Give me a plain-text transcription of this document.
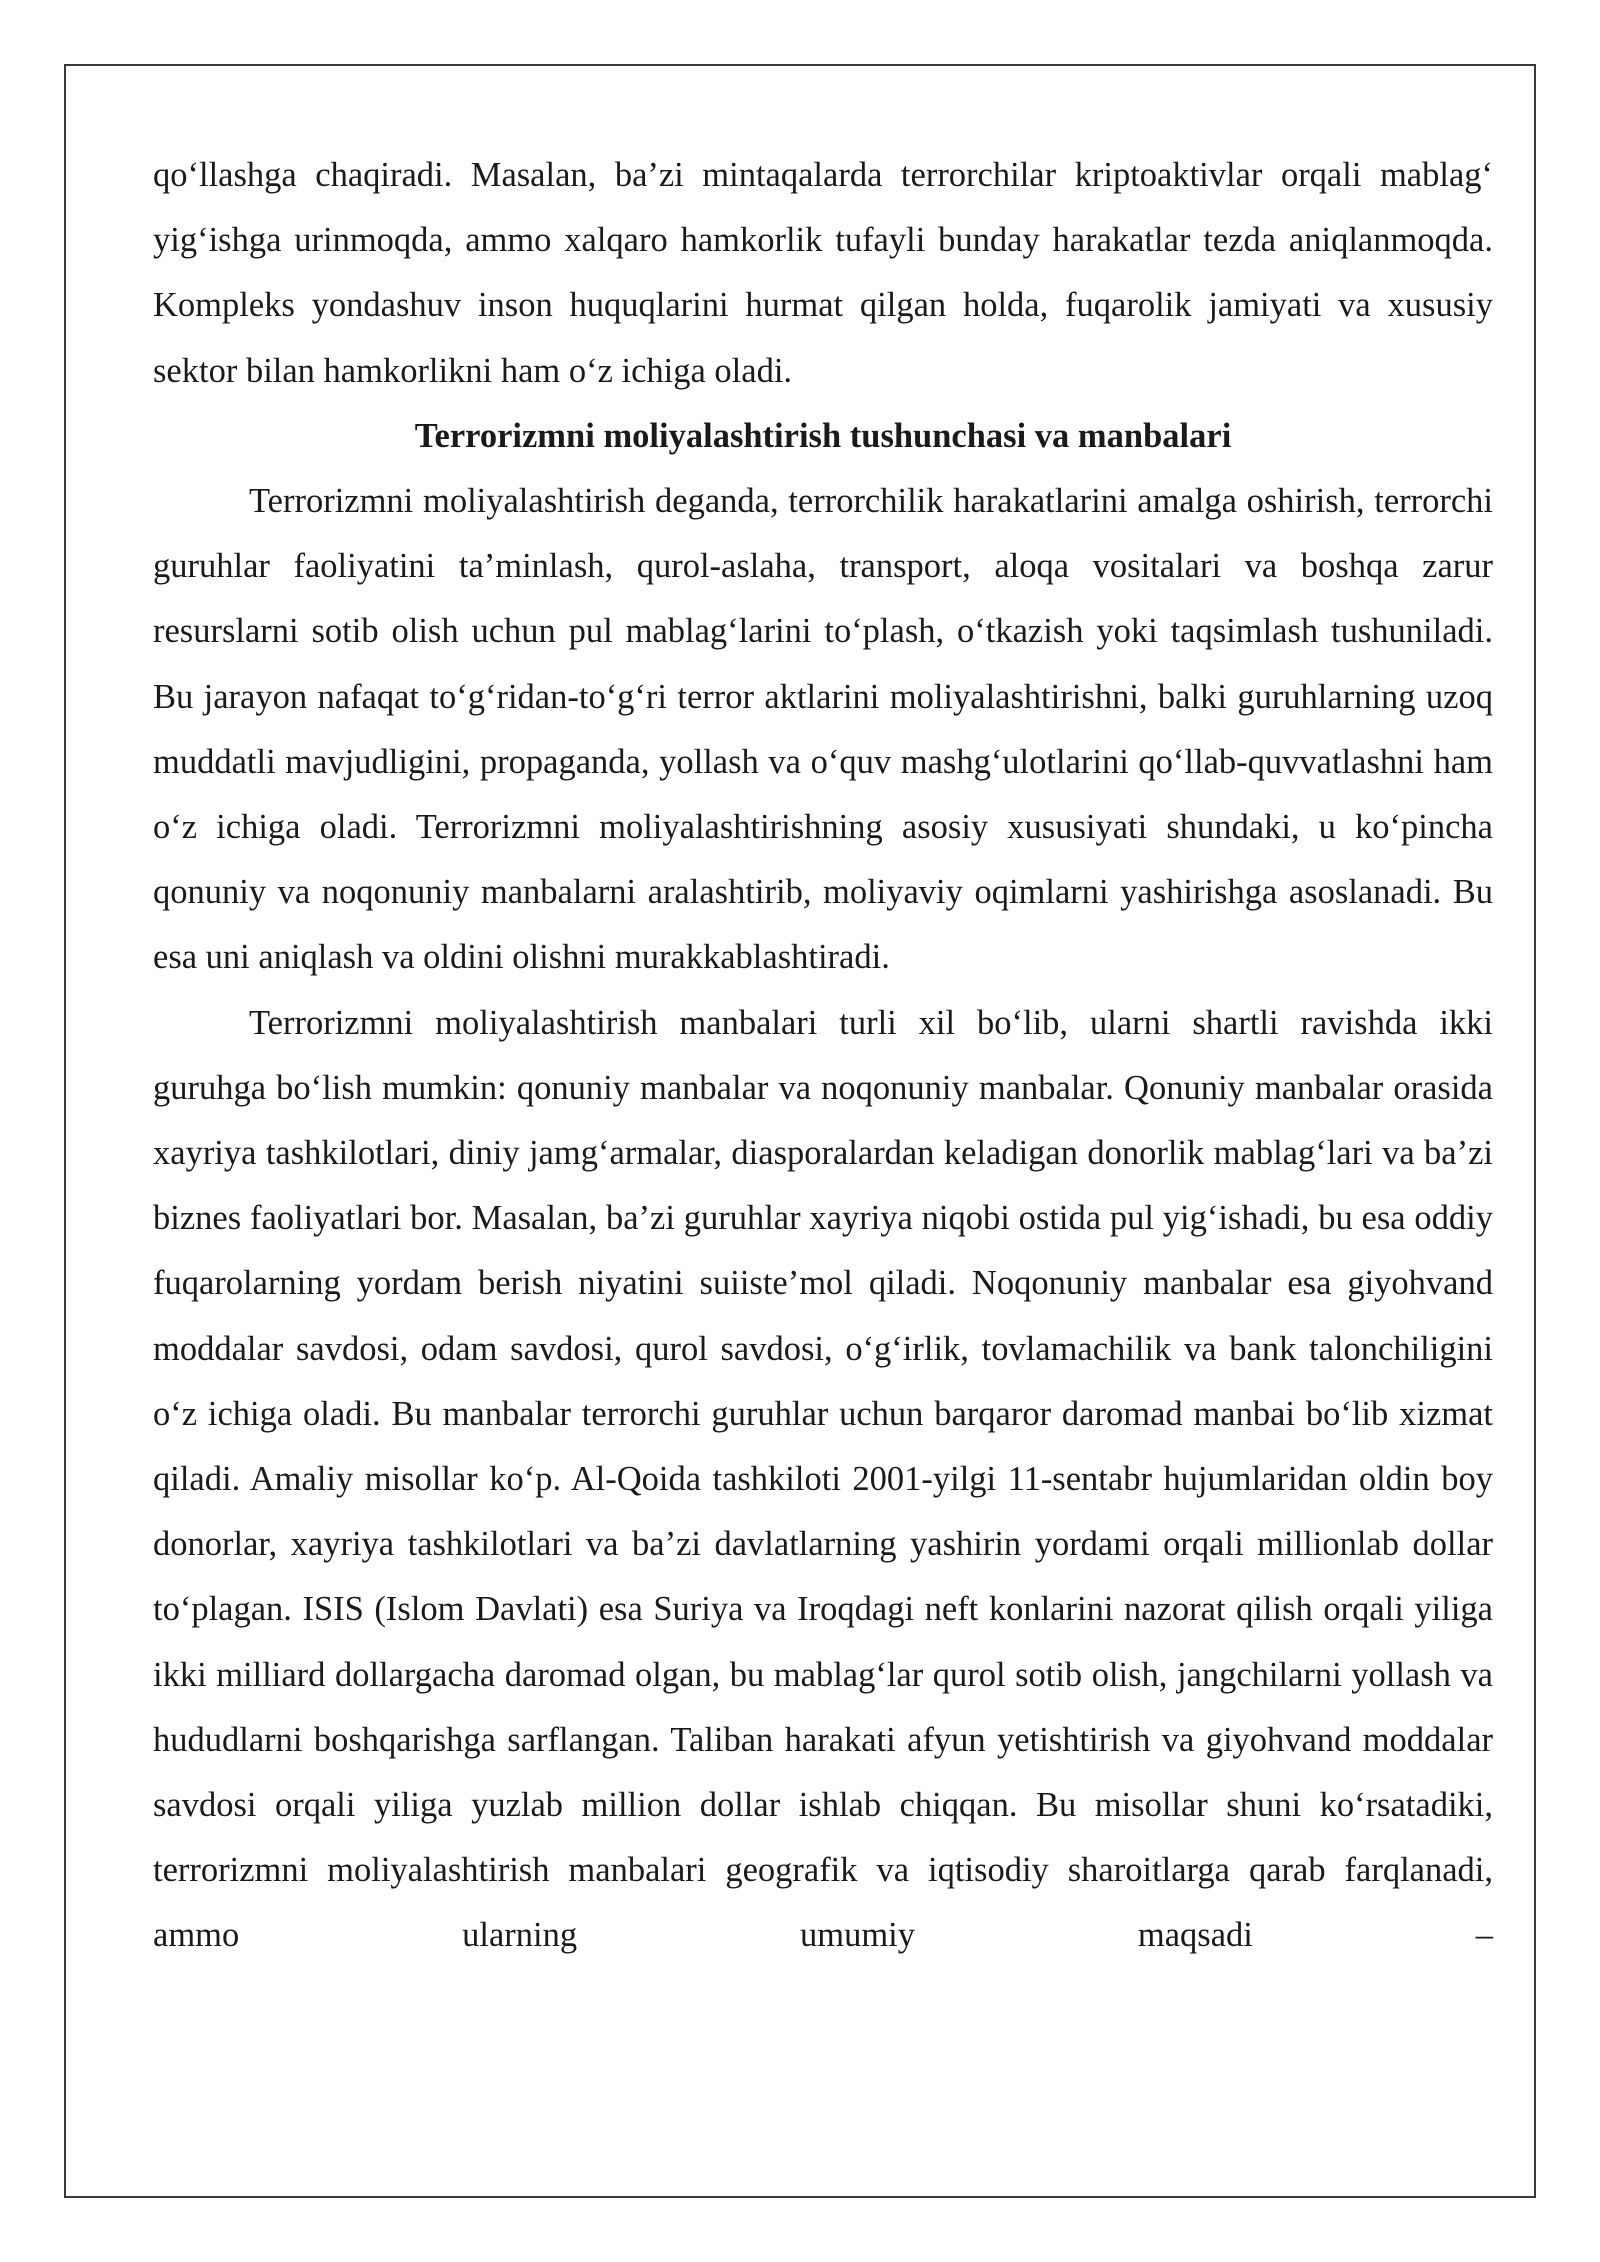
qo‘llashga chaqiradi. Masalan, ba’zi mintaqalarda terrorchilar kriptoaktivlar orqali mablag‘ yig‘ishga urinmoqda, ammo xalqaro hamkorlik tufayli bunday harakatlar tezda aniqlanmoqda. Kompleks yondashuv inson huquqlarini hurmat qilgan holda, fuqarolik jamiyati va xususiy sektor bilan hamkorlikni ham o‘z ichiga oladi.

Terrorizmni moliyalashtirish tushunchasi va manbalari

Terrorizmni moliyalashtirish deganda, terrorchilik harakatlarini amalga oshirish, terrorchi guruhlar faoliyatini ta’minlash, qurol-aslaha, transport, aloqa vositalari va boshqa zarur resurslarni sotib olish uchun pul mablag‘larini to‘plash, o‘tkazish yoki taqsimlash tushuniladi. Bu jarayon nafaqat to‘g‘ridan-to‘g‘ri terror aktlarini moliyalashtirishni, balki guruhlarning uzoq muddatli mavjudligini, propaganda, yollash va o‘quv mashg‘ulotlarini qo‘llab-quvvatlashni ham o‘z ichiga oladi. Terrorizmni moliyalashtirishning asosiy xususiyati shundaki, u ko‘pincha qonuniy va noqonuniy manbalarni aralashtirib, moliyaviy oqimlarni yashirishga asoslanadi. Bu esa uni aniqlash va oldini olishni murakkablashtiradi.

Terrorizmni moliyalashtirish manbalari turli xil bo‘lib, ularni shartli ravishda ikki guruhga bo‘lish mumkin: qonuniy manbalar va noqonuniy manbalar. Qonuniy manbalar orasida xayriya tashkilotlari, diniy jamg‘armalar, diasporalardan keladigan donorlik mablag‘lari va ba’zi biznes faoliyatlari bor. Masalan, ba’zi guruhlar xayriya niqobi ostida pul yig‘ishadi, bu esa oddiy fuqarolarning yordam berish niyatini suiiste’mol qiladi. Noqonuniy manbalar esa giyohvand moddalar savdosi, odam savdosi, qurol savdosi, o‘g‘irlik, tovlamachilik va bank talonchiligini o‘z ichiga oladi. Bu manbalar terrorchi guruhlar uchun barqaror daromad manbai bo‘lib xizmat qiladi. Amaliy misollar ko‘p. Al-Qoida tashkiloti 2001-yilgi 11-sentabr hujumlaridan oldin boy donorlar, xayriya tashkilotlari va ba’zi davlatlarning yashirin yordami orqali millionlab dollar to‘plagan. ISIS (Islom Davlati) esa Suriya va Iroqdagi neft konlarini nazorat qilish orqali yiliga ikki milliard dollargacha daromad olgan, bu mablag‘lar qurol sotib olish, jangchilarni yollash va hududlarni boshqarishga sarflangan. Taliban harakati afyun yetishtirish va giyohvand moddalar savdosi orqali yiliga yuzlab million dollar ishlab chiqqan. Bu misollar shuni ko‘rsatadiki, terrorizmni moliyalashtirish manbalari geografik va iqtisodiy sharoitlarga qarab farqlanadi, ammo ularning umumiy maqsadi –
